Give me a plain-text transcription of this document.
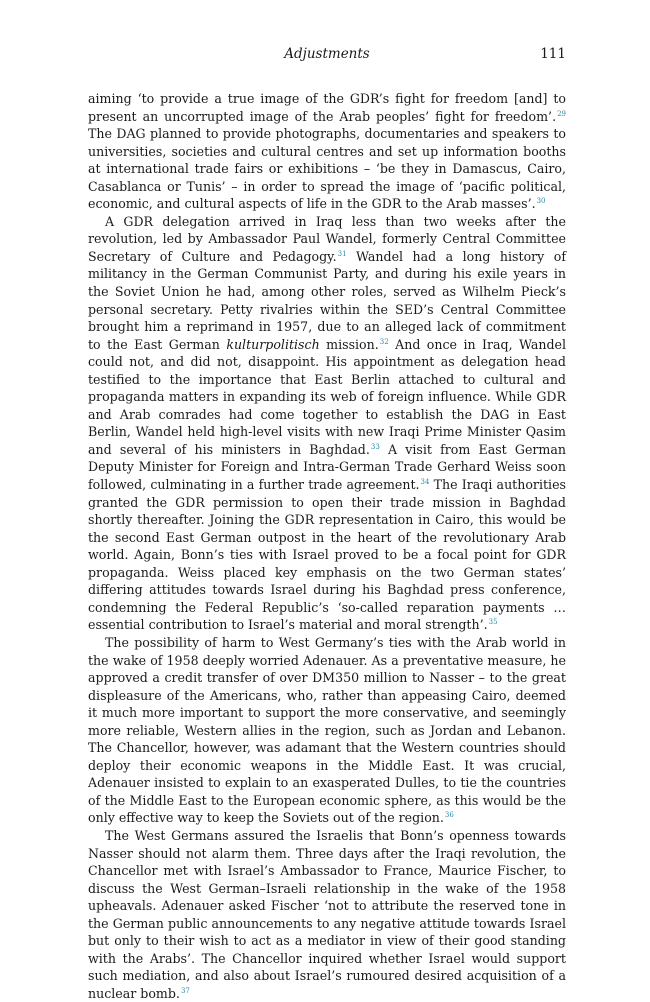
Adjustments	111

aiming ‘to provide a true image of the GDR’s fight for freedom [and] to present an uncorrupted image of the Arab peoples’ fight for freedom’.$^{29}$ The DAG planned to provide photographs, documentaries and speakers to universities, societies and cultural centres and set up information booths at international trade fairs or exhibitions – ‘be they in Damascus, Cairo, Casablanca or Tunis’ – in order to spread the image of ‘pacific political, economic, and cultural aspects of life in the GDR to the Arab masses’.$^{30}$

A GDR delegation arrived in Iraq less than two weeks after the revolution, led by Ambassador Paul Wandel, formerly Central Committee Secretary of Culture and Pedagogy.$^{31}$ Wandel had a long history of militancy in the German Communist Party, and during his exile years in the Soviet Union he had, among other roles, served as Wilhelm Pieck’s personal secretary. Petty rivalries within the SED’s Central Committee brought him a reprimand in 1957, due to an alleged lack of commitment to the East German kulturpolitisch mission.$^{32}$ And once in Iraq, Wandel could not, and did not, disappoint. His appointment as delegation head testified to the importance that East Berlin attached to cultural and propaganda matters in expanding its web of foreign influence. While GDR and Arab comrades had come together to establish the DAG in East Berlin, Wandel held high-level visits with new Iraqi Prime Minister Qasim and several of his ministers in Baghdad.$^{33}$ A visit from East German Deputy Minister for Foreign and Intra-German Trade Gerhard Weiss soon followed, culminating in a further trade agreement.$^{34}$ The Iraqi authorities granted the GDR permission to open their trade mission in Baghdad shortly thereafter. Joining the GDR representation in Cairo, this would be the second East German outpost in the heart of the revolutionary Arab world. Again, Bonn’s ties with Israel proved to be a focal point for GDR propaganda. Weiss placed key emphasis on the two German states’ differing attitudes towards Israel during his Baghdad press conference, condemning the Federal Republic’s ‘so-called reparation payments … essential contribution to Israel’s material and moral strength’.$^{35}$

The possibility of harm to West Germany’s ties with the Arab world in the wake of 1958 deeply worried Adenauer. As a preventative measure, he approved a credit transfer of over DM350 million to Nasser – to the great displeasure of the Americans, who, rather than appeasing Cairo, deemed it much more important to support the more conservative, and seemingly more reliable, Western allies in the region, such as Jordan and Lebanon. The Chancellor, however, was adamant that the Western countries should deploy their economic weapons in the Middle East. It was crucial, Adenauer insisted to explain to an exasperated Dulles, to tie the countries of the Middle East to the European economic sphere, as this would be the only effective way to keep the Soviets out of the region.$^{36}$

The West Germans assured the Israelis that Bonn’s openness towards Nasser should not alarm them. Three days after the Iraqi revolution, the Chancellor met with Israel’s Ambassador to France, Maurice Fischer, to discuss the West German–Israeli relationship in the wake of the 1958 upheavals. Adenauer asked Fischer ‘not to attribute the reserved tone in the German public announcements to any negative attitude towards Israel but only to their wish to act as a mediator in view of their good standing with the Arabs’. The Chancellor inquired whether Israel would support such mediation, and also about Israel’s rumoured desired acquisition of a nuclear bomb.$^{37}$
